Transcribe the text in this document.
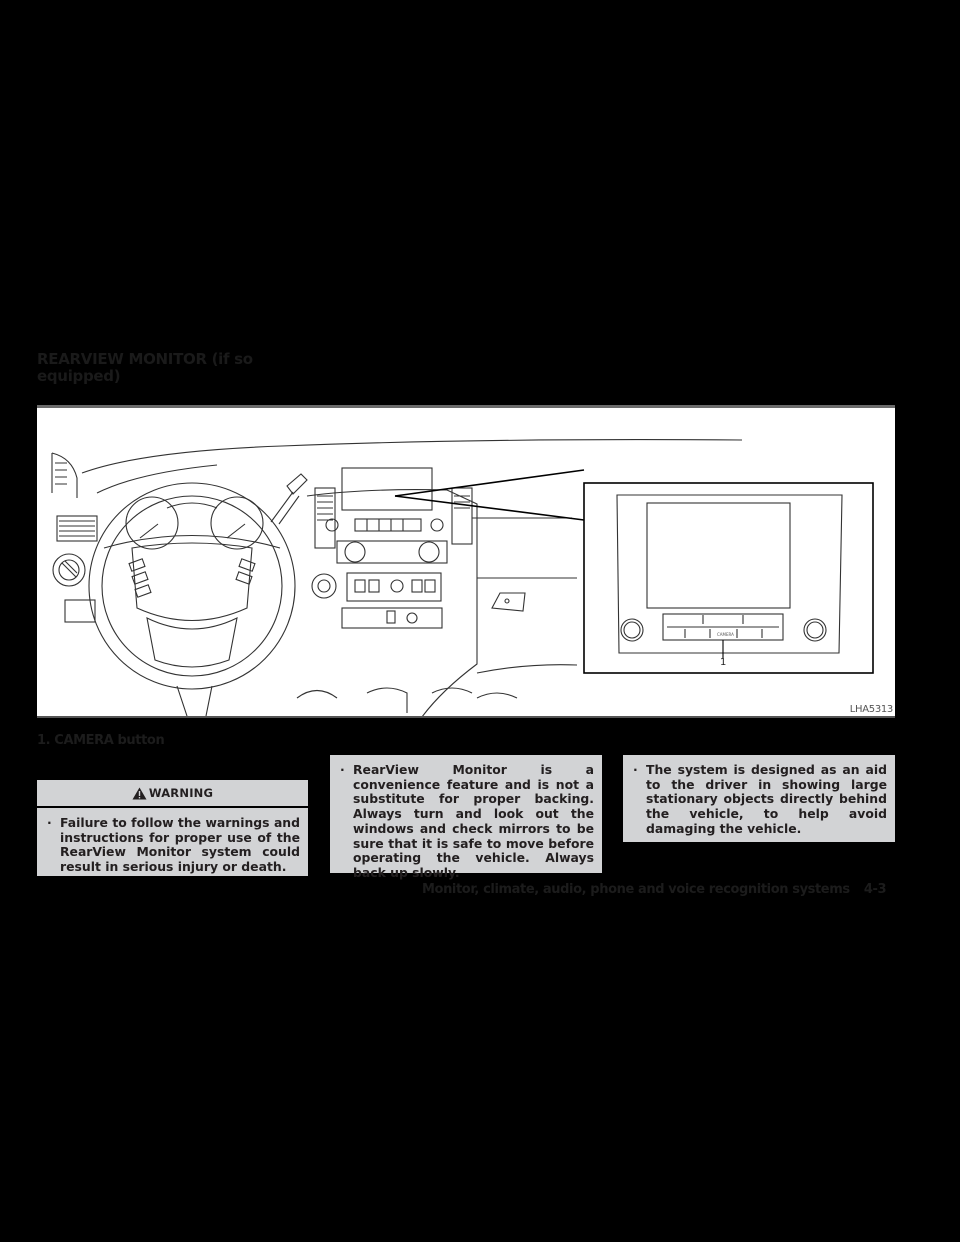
REARVIEW MONITOR (if so equipped)
CAMERA
1
LHA5313
1. CAMERA button
WARNING
· Failure to follow the warnings and instructions for proper use of the RearView Monitor system could result in serious injury or death.
· RearView Monitor is a convenience feature and is not a substitute for proper backing. Always turn and look out the windows and check mirrors to be sure that it is safe to move before operating the vehicle. Always back up slowly.
· The system is designed as an aid to the driver in showing large stationary objects directly behind the vehicle, to help avoid damaging the vehicle.
Monitor, climate, audio, phone and voice recognition systems 4-3
